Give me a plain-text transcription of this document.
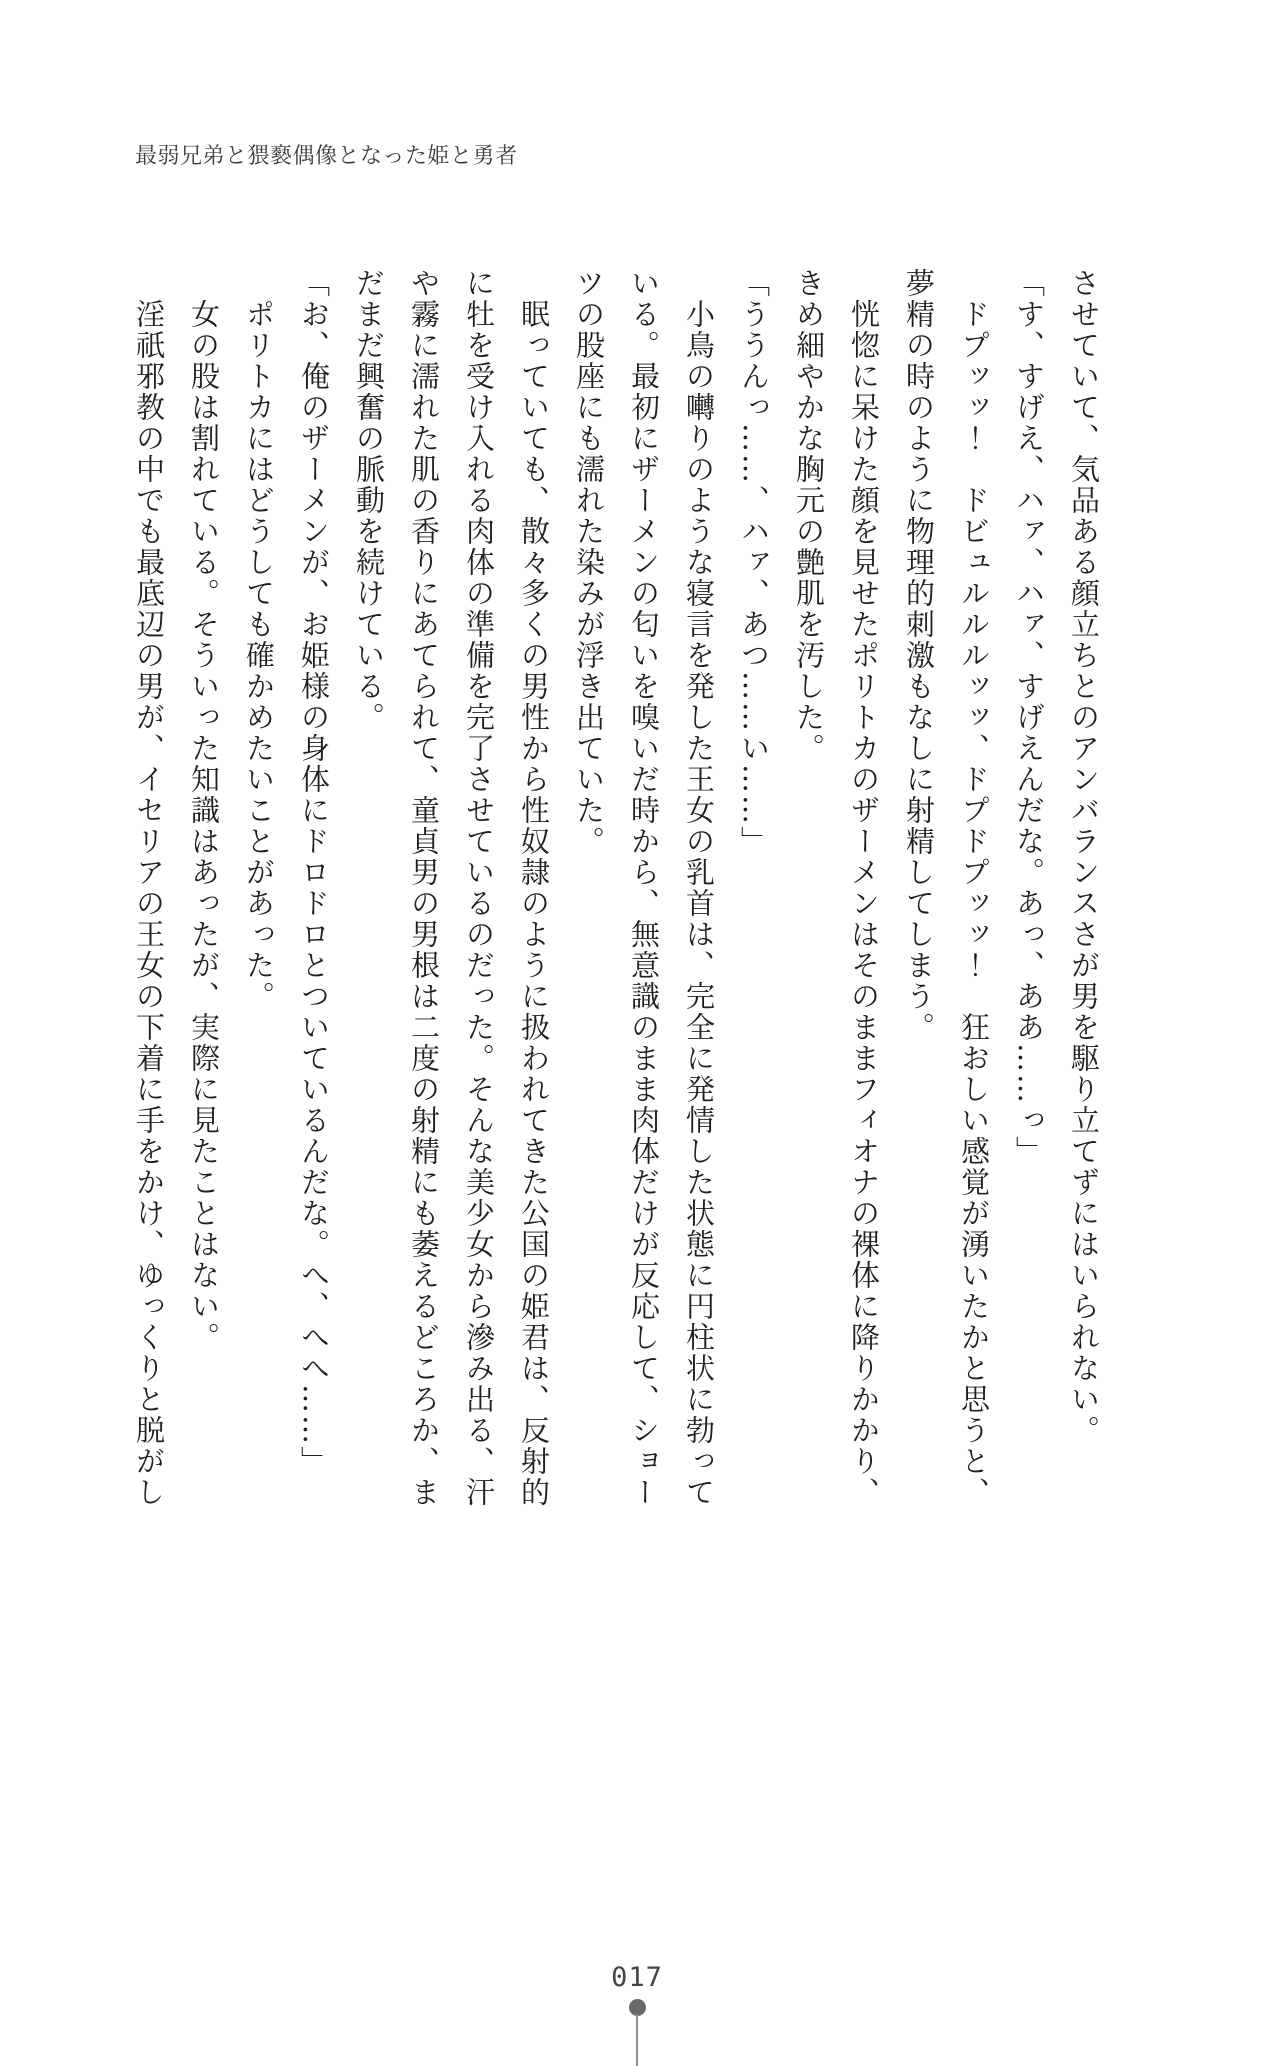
最弱兄弟と猥褻偶像となった姫と勇者

させていて、気品ある顔立ちとのアンバランスさが男を駆り立てずにはいられない。

「す、すげえ、ハァ、ハァ、すげえんだな。あっ、ああ……っ」

　ドプッッ！　ドビュルルルッッ、ドプドプッッ！　狂おしい感覚が湧いたかと思うと、

夢精の時のように物理的刺激もなしに射精してしまう。

　恍惚に呆けた顔を見せたポリトカのザーメンはそのままフィオナの裸体に降りかかり、

きめ細やかな胸元の艶肌を汚した。

「ううんっ……、ハァ、あつ……い……」

　小鳥の囀りのような寝言を発した王女の乳首は、完全に発情した状態に円柱状に勃って

いる。最初にザーメンの匂いを嗅いだ時から、無意識のまま肉体だけが反応して、ショー

ツの股座にも濡れた染みが浮き出ていた。

　眠っていても、散々多くの男性から性奴隷のように扱われてきた公国の姫君は、反射的

に牡を受け入れる肉体の準備を完了させているのだった。そんな美少女から滲み出る、汗

や霧に濡れた肌の香りにあてられて、童貞男の男根は二度の射精にも萎えるどころか、ま

だまだ興奮の脈動を続けている。

「お、俺のザーメンが、お姫様の身体にドロドロとついているんだな。へ、へへ……」

　ポリトカにはどうしても確かめたいことがあった。

　女の股は割れている。そういった知識はあったが、実際に見たことはない。

　淫祇邪教の中でも最底辺の男が、イセリアの王女の下着に手をかけ、ゆっくりと脱がし

017
